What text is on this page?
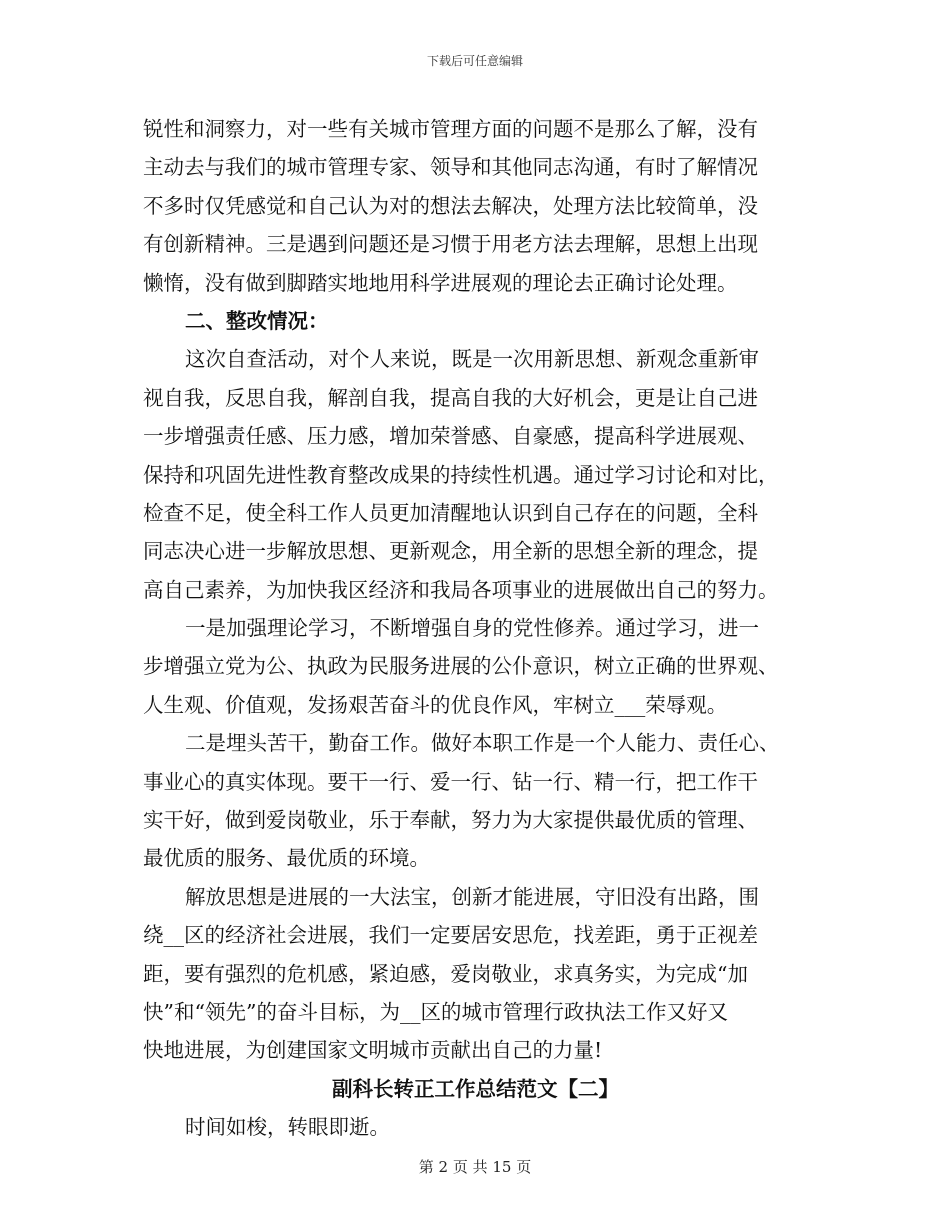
下载后可任意编辑
锐性和洞察力，对一些有关城市管理方面的问题不是那么了解，没有
主动去与我们的城市管理专家、领导和其他同志沟通，有时了解情况
不多时仅凭感觉和自己认为对的想法去解决，处理方法比较简单，没
有创新精神。三是遇到问题还是习惯于用老方法去理解，思想上出现
懒惰，没有做到脚踏实地地用科学进展观的理论去正确讨论处理。
二、整改情况：
这次自查活动，对个人来说，既是一次用新思想、新观念重新审
视自我，反思自我，解剖自我，提高自我的大好机会，更是让自己进
一步增强责任感、压力感，增加荣誉感、自豪感，提高科学进展观、
保持和巩固先进性教育整改成果的持续性机遇。通过学习讨论和对比，
检查不足，使全科工作人员更加清醒地认识到自己存在的问题，全科
同志决心进一步解放思想、更新观念，用全新的思想全新的理念，提
高自己素养，为加快我区经济和我局各项事业的进展做出自己的努力。
一是加强理论学习，不断增强自身的党性修养。通过学习，进一
步增强立党为公、执政为民服务进展的公仆意识，树立正确的世界观、
人生观、价值观，发扬艰苦奋斗的优良作风，牢树立___荣辱观。
二是埋头苦干，勤奋工作。做好本职工作是一个人能力、责任心、
事业心的真实体现。要干一行、爱一行、钻一行、精一行，把工作干
实干好，做到爱岗敬业，乐于奉献，努力为大家提供最优质的管理、
最优质的服务、最优质的环境。
解放思想是进展的一大法宝，创新才能进展，守旧没有出路，围
绕__区的经济社会进展，我们一定要居安思危，找差距，勇于正视差
距，要有强烈的危机感，紧迫感，爱岗敬业，求真务实，为完成“加
快”和“领先”的奋斗目标，为__区的城市管理行政执法工作又好又
快地进展，为创建国家文明城市贡献出自己的力量!
副科长转正工作总结范文【二】
时间如梭，转眼即逝。
第 2 页 共 15 页
